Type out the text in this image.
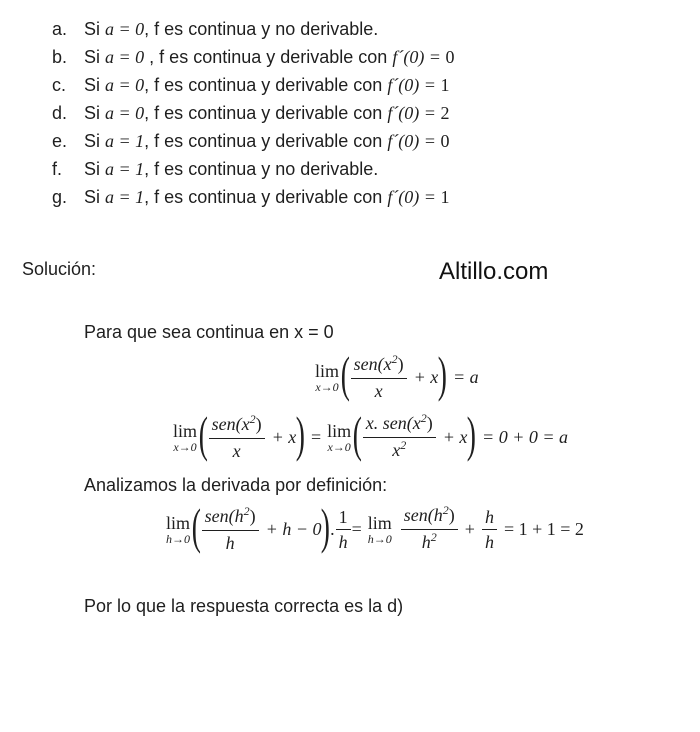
a. Si a = 0, f es continua y no derivable.
b. Si a = 0 , f es continua y derivable con f´(0) = 0
c. Si a = 0, f es continua y derivable con f´(0) = 1
d. Si a = 0, f es continua y derivable con f´(0) = 2
e. Si a = 1, f es continua y derivable con f´(0) = 0
f. Si a = 1, f es continua y no derivable.
g. Si a = 1, f es continua y derivable con f´(0) = 1
Solución:	Altillo.com
Para que sea continua en x = 0
lim
x→0 ( $\frac{sen(x^2)}{x} + x$ ) = a
lim
x→0 ( $\frac{sen(x^2)}{x} + x$ ) = lim
x→0 ( $\frac{x. sen(x^2)}{x^2} + x$ ) = 0 + 0 = a
Analizamos la derivada por definición:
lim
h→0 ( $\frac{sen(h^2)}{h} + h - 0$ ) . $\frac{1}{h} = \lim$
$h\to 0 \frac{sen(h^2)}{h^2} + \frac{h}{h} = 1 + 1 = 2$
Por lo que la respuesta correcta es la d)
